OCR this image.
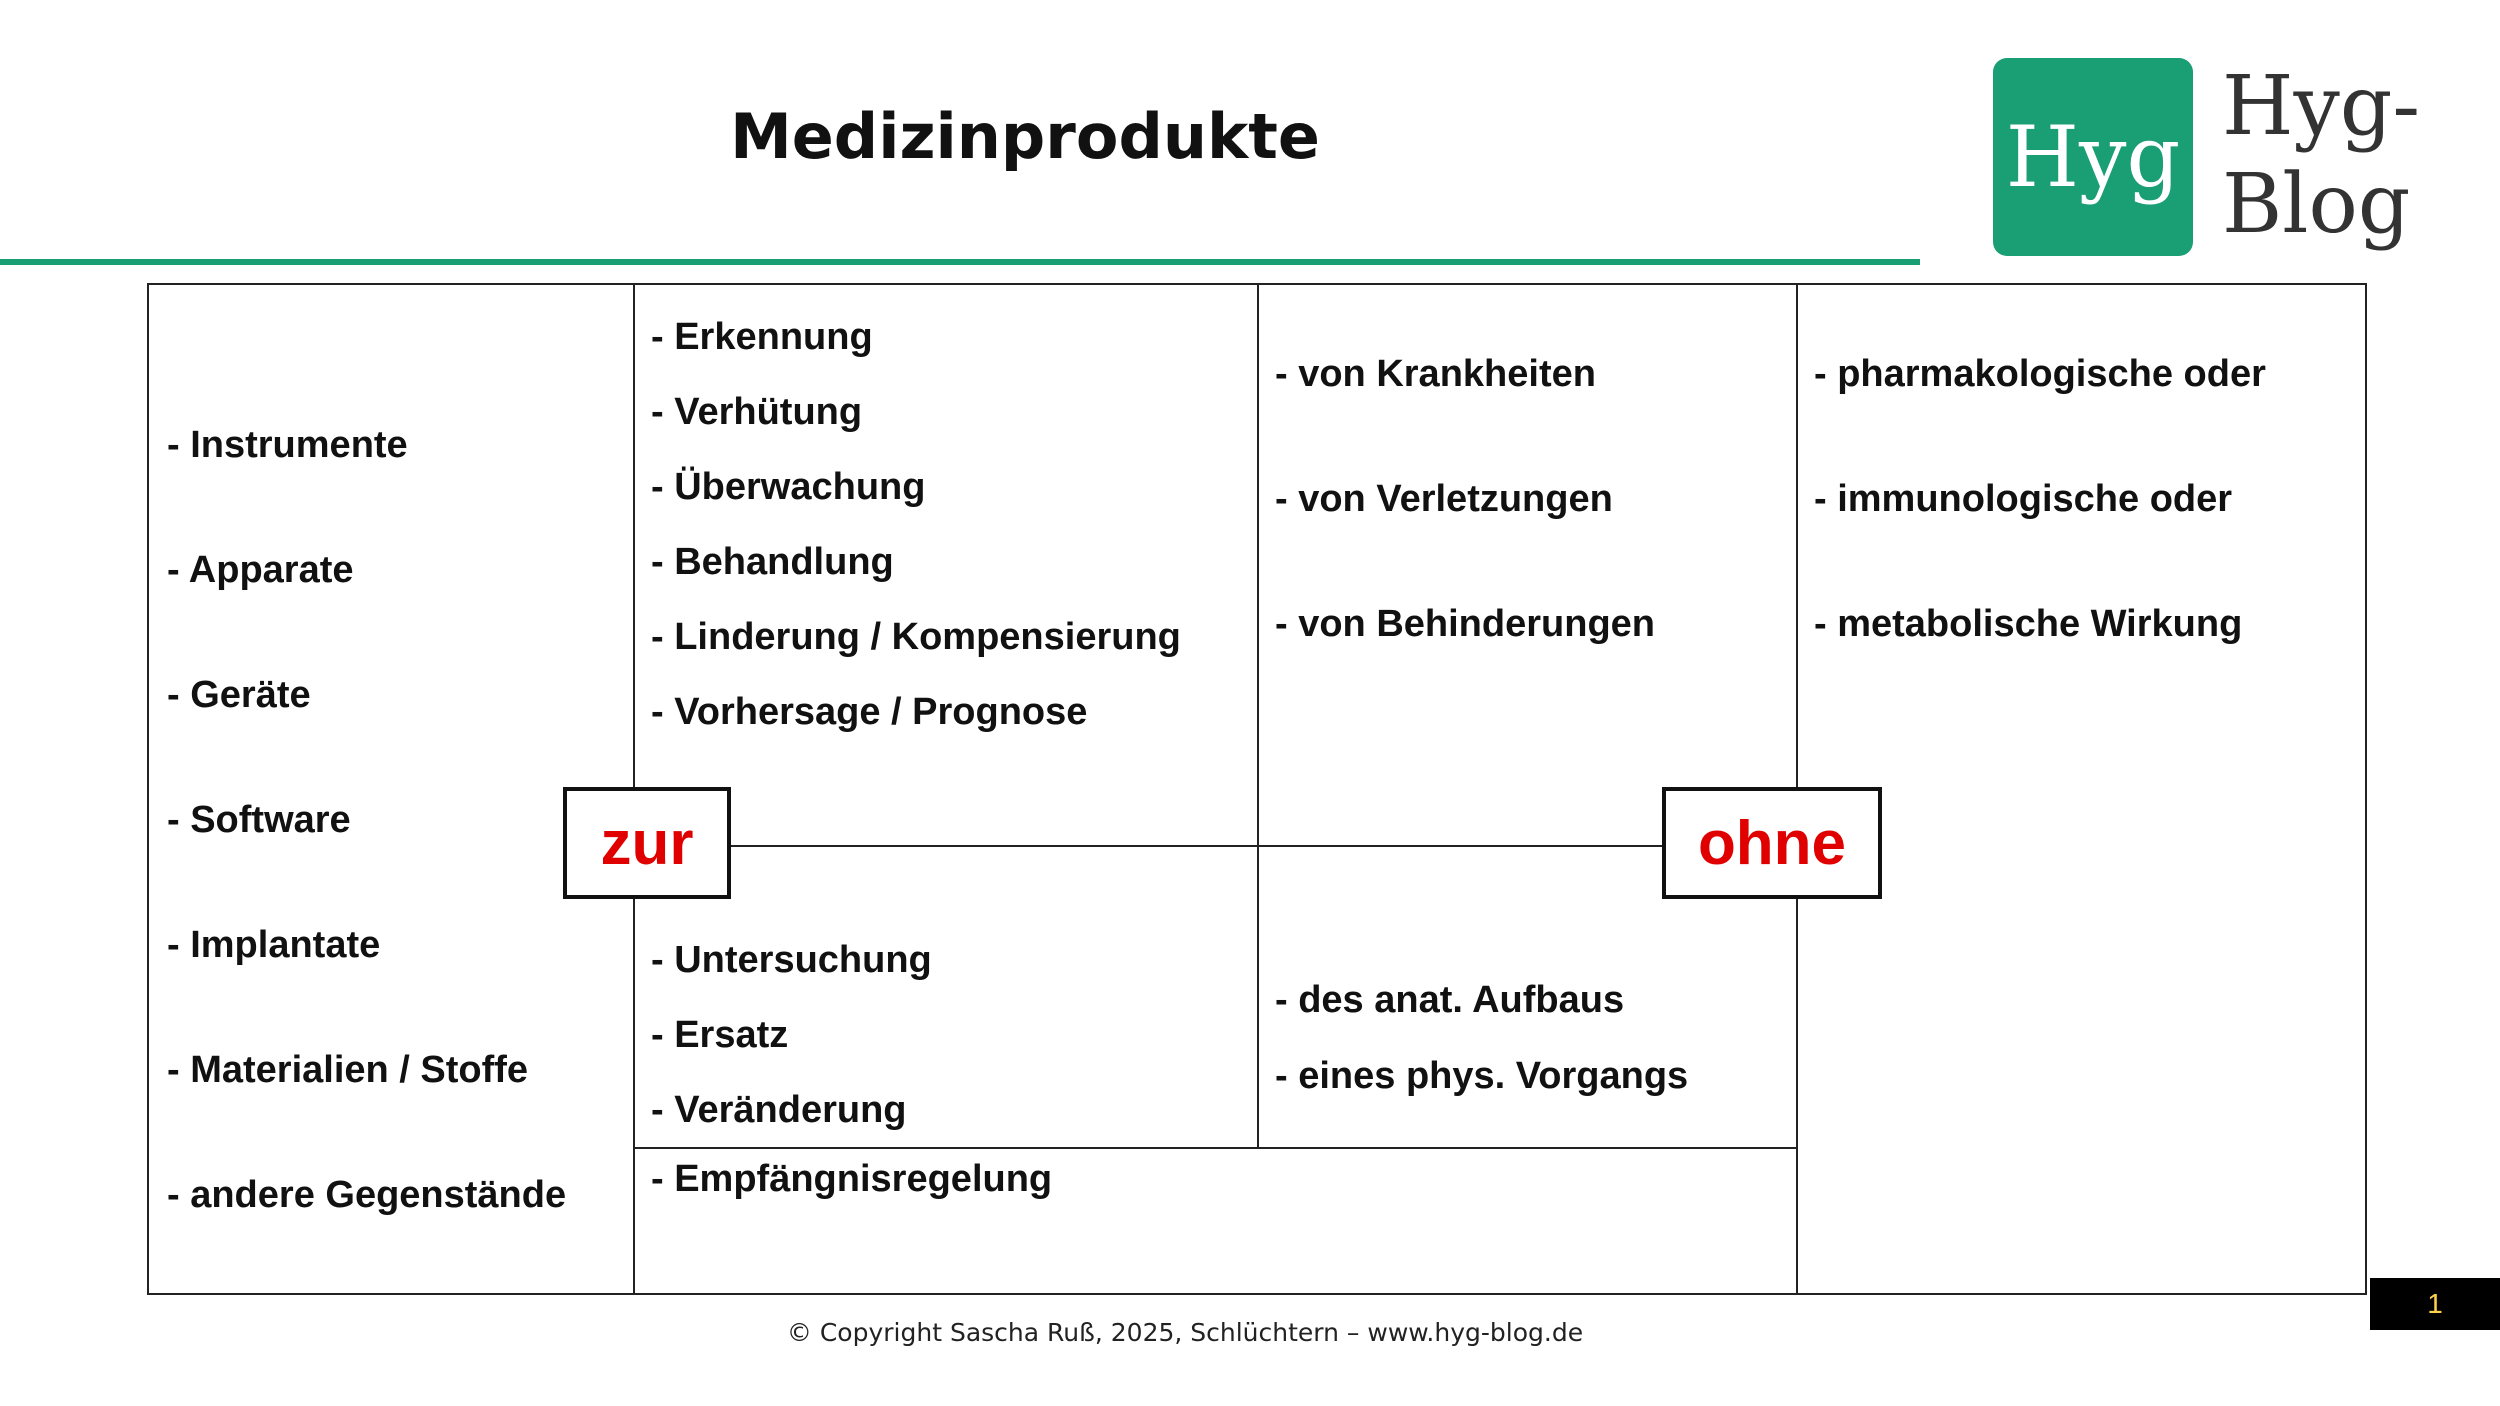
Medizinprodukte	Hyg
Hyg-
Blog
- Instrumente
- Apparate
- Geräte
- Software
- Implantate
- Materialien / Stoffe
- andere Gegenstände
- Erkennung
- Verhütung
- Überwachung
- Behandlung
- Linderung / Kompensierung
- Vorhersage / Prognose
- Untersuchung
- Ersatz
- Veränderung
- Empfängnisregelung
- von Krankheiten
- von Verletzungen
- von Behinderungen
- des anat. Aufbaus
- eines phys. Vorgangs
- pharmakologische oder
- immunologische oder
- metabolische Wirkung
zur	ohne
© Copyright Sascha Ruß, 2025, Schlüchtern – www.hyg-blog.de
1
